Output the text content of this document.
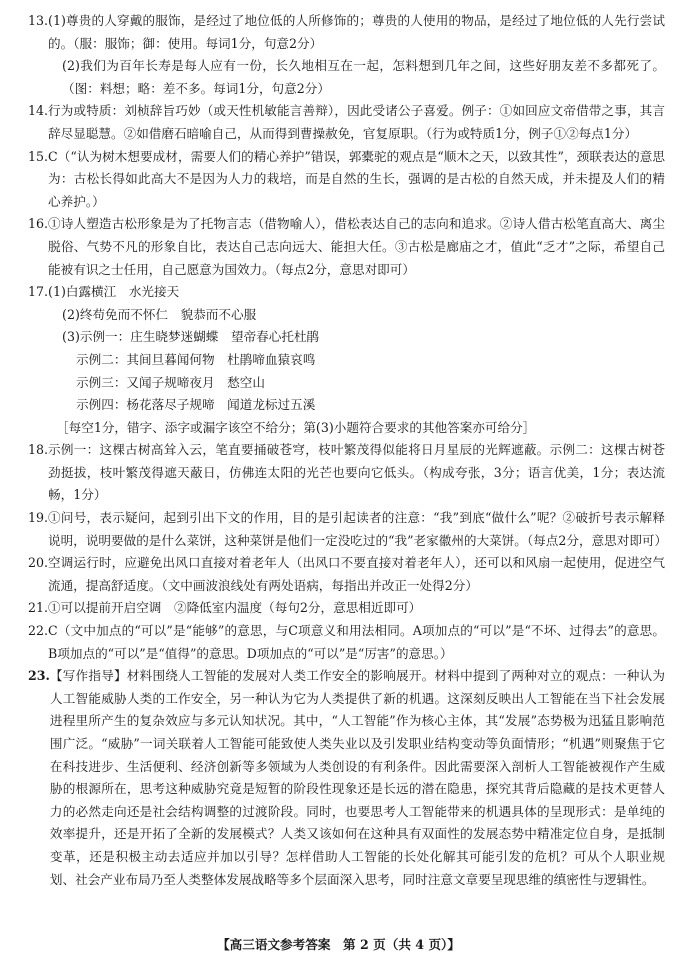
13. (1)尊贵的人穿戴的服饰，是经过了地位低的人所修饰的；尊贵的人使用的物品，是经过了地位低的人先行尝试的。（服：服饰；御：使用。每词1分，句意2分）

(2)我们为百年长寿是每人应有一份，长久地相互在一起，怎料想到几年之间，这些好朋友差不多都死了。（图：料想；略：差不多。每词1分，句意2分）

14. 行为或特质：刘桢辞旨巧妙（或天性机敏能言善辩），因此受诸公子喜爱。例子：①如回应文帝借带之事，其言辞尽显聪慧。②如借磨石暗喻自己，从而得到曹操赦免，官复原职。（行为或特质1分，例子①②每点1分）

15. C（“认为树木想要成材，需要人们的精心养护”错误，郭橐驼的观点是“顺木之天，以致其性”，颈联表达的意思为：古松长得如此高大不是因为人力的栽培，而是自然的生长，强调的是古松的自然天成，并未提及人们的精心养护。）

16. ①诗人塑造古松形象是为了托物言志（借物喻人），借松表达自己的志向和追求。②诗人借古松笔直高大、离尘脱俗、气势不凡的形象自比，表达自己志向远大、能担大任。③古松是廊庙之才，值此“乏才”之际，希望自己能被有识之士任用，自己愿意为国效力。（每点2分，意思对即可）

17. (1)白露横江　水光接天

(2)终苟免而不怀仁　貌恭而不心服

(3)示例一：庄生晓梦迷蝴蝶　望帝春心托杜鹃

示例二：其间旦暮闻何物　杜鹃啼血猿哀鸣

示例三：又闻子规啼夜月　愁空山

示例四：杨花落尽子规啼　闻道龙标过五溪

［每空1分，错字、添字或漏字该空不给分；第(3)小题符合要求的其他答案亦可给分］

18. 示例一：这棵古树高耸入云，笔直要捅破苍穹，枝叶繁茂得似能将日月星辰的光辉遮蔽。示例二：这棵古树苍劲挺拔，枝叶繁茂得遮天蔽日，仿佛连太阳的光芒也要向它低头。（构成夸张，3分；语言优美，1分；表达流畅，1分）

19. ①问号，表示疑问，起到引出下文的作用，目的是引起读者的注意：“我”到底“做什么”呢？②破折号表示解释说明，说明要做的是什么菜饼，这种菜饼是他们一定没吃过的“我”老家徽州的大菜饼。（每点2分，意思对即可）

20. 空调运行时，应避免出风口直接对着老年人（出风口不要直接对着老年人），还可以和风扇一起使用，促进空气流通，提高舒适度。（文中画波浪线处有两处语病，每指出并改正一处得2分）

21. ①可以提前开启空调　②降低室内温度（每句2分，意思相近即可）

22. C（文中加点的“可以”是“能够”的意思，与C项意义和用法相同。A项加点的“可以”是“不坏、过得去”的意思。B项加点的“可以”是“值得”的意思。D项加点的“可以”是“厉害”的意思。）

23. 【写作指导】材料围绕人工智能的发展对人类工作安全的影响展开。材料中提到了两种对立的观点：一种认为人工智能威胁人类的工作安全，另一种认为它为人类提供了新的机遇。这深刻反映出人工智能在当下社会发展进程里所产生的复杂效应与多元认知状况。其中，“人工智能”作为核心主体，其“发展”态势极为迅猛且影响范围广泛。“威胁”一词关联着人工智能可能致使人类失业以及引发职业结构变动等负面情形；“机遇”则聚焦于它在科技进步、生活便利、经济创新等多领域为人类创设的有利条件。因此需要深入剖析人工智能被视作产生威胁的根源所在，思考这种威胁究竟是短暂的阶段性现象还是长远的潜在隐患，探究其背后隐藏的是技术更替人力的必然走向还是社会结构调整的过渡阶段。同时，也要思考人工智能带来的机遇具体的呈现形式：是单纯的效率提升，还是开拓了全新的发展模式？人类又该如何在这种具有双面性的发展态势中精准定位自身，是抵制变革，还是积极主动去适应并加以引导？怎样借助人工智能的长处化解其可能引发的危机？可从个人职业规划、社会产业布局乃至人类整体发展战略等多个层面深入思考，同时注意文章要呈现思维的缜密性与逻辑性。

【高三语文参考答案　第 2 页（共 4 页）】
